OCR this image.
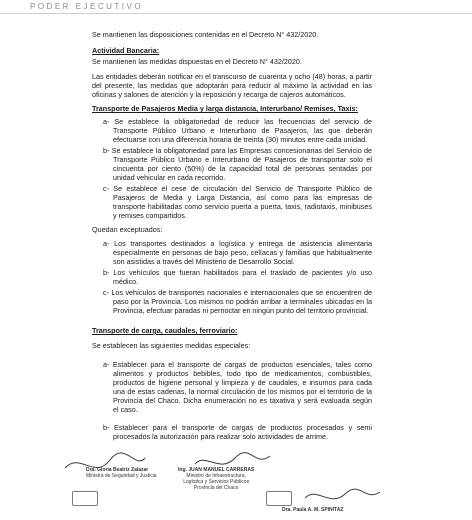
PODER EJECUTIVO
Se mantienen las disposiciones contenidas en el Decreto N° 432/2020.
Actividad Bancaria:
Se mantienen las medidas dispuestas en el Decreto N° 432/2020.
Las entidades deberán notificar en el transcurso de cuarenta y ocho (48) horas, a partir
del presente, las medidas que adoptarán para reducir al máximo la actividad en las
oficinas y salones de atención y la reposición y recarga de cajeros automáticos.
Transporte de Pasajeros Media y larga distancia, Interurbano/ Remises, Taxis:
a- Se establece la obligatoriedad de reducir las frecuencias del servicio de
Transporte Público Urbano e Interurbano de Pasajeros, las que deberán
efectuarse con una diferencia horaria de treinta (30) minutos entre cada unidad.
b- Se establece la obligatoriedad para las Empresas concesionarias del Servicio de
Transporte Público Urbano e Interurbano de Pasajeros de transportar solo el
cincuenta por ciento (50%) de la capacidad total de personas sentadas por
unidad vehicular en cada recorrido.
c- Se establece el cese de circulación del Servicio de Transporte Público de
Pasajeros de Media y Larga Distancia, así como para las empresas de
transporte habilitadas como servicio puerta a puerta, taxis, radiotaxis, minibuses
y remises compartidos.
Quedan exceptuados:
a- Los transportes destinados a logística y entrega de asistencia alimentaria
especialmente en personas de bajo peso, celíacas y familias que habitualmente
son asistidas a través del Ministerio de Desarrollo Social.
b- Los vehículos que fueran habilitados para el traslado de pacientes y/o uso
médico.
c- Los vehículos de transportes nacionales e internacionales que se encuentren de
paso por la Provincia. Los mismos no podrán arribar a terminales ubicadas en la
Provincia, efectuar paradas ni pernoctar en ningún punto del territorio provincial.
Transporte de carga, caudales, ferroviario:
Se establecen las siguientes medidas especiales:
a- Establecer para el transporte de cargas de productos esenciales, tales como
alimentos y productos bebibles, todo tipo de medicamentos, combustibles,
productos de higiene personal y limpieza y de caudales, e insumos para cada
una de estas cadenas, la normal circulación de los mismos por el territorio de la
Provincia del Chaco. Dicha enumeración no es taxativa y será evaluada según
el caso.
b- Establecer para el transporte de cargas de productos procesados y semi
procesados la autorización para realizar solo actividades de arrime.
Dra. Gloria Beatriz Zalazar
Ministra de Seguridad y Justicia
Ing. JUAN MANUEL CARRERAS
Ministro de Infraestructura,
Logística y Servicios Públicos
Provincia del Chaco
Dra. Paula A. M. SPINITAZ
